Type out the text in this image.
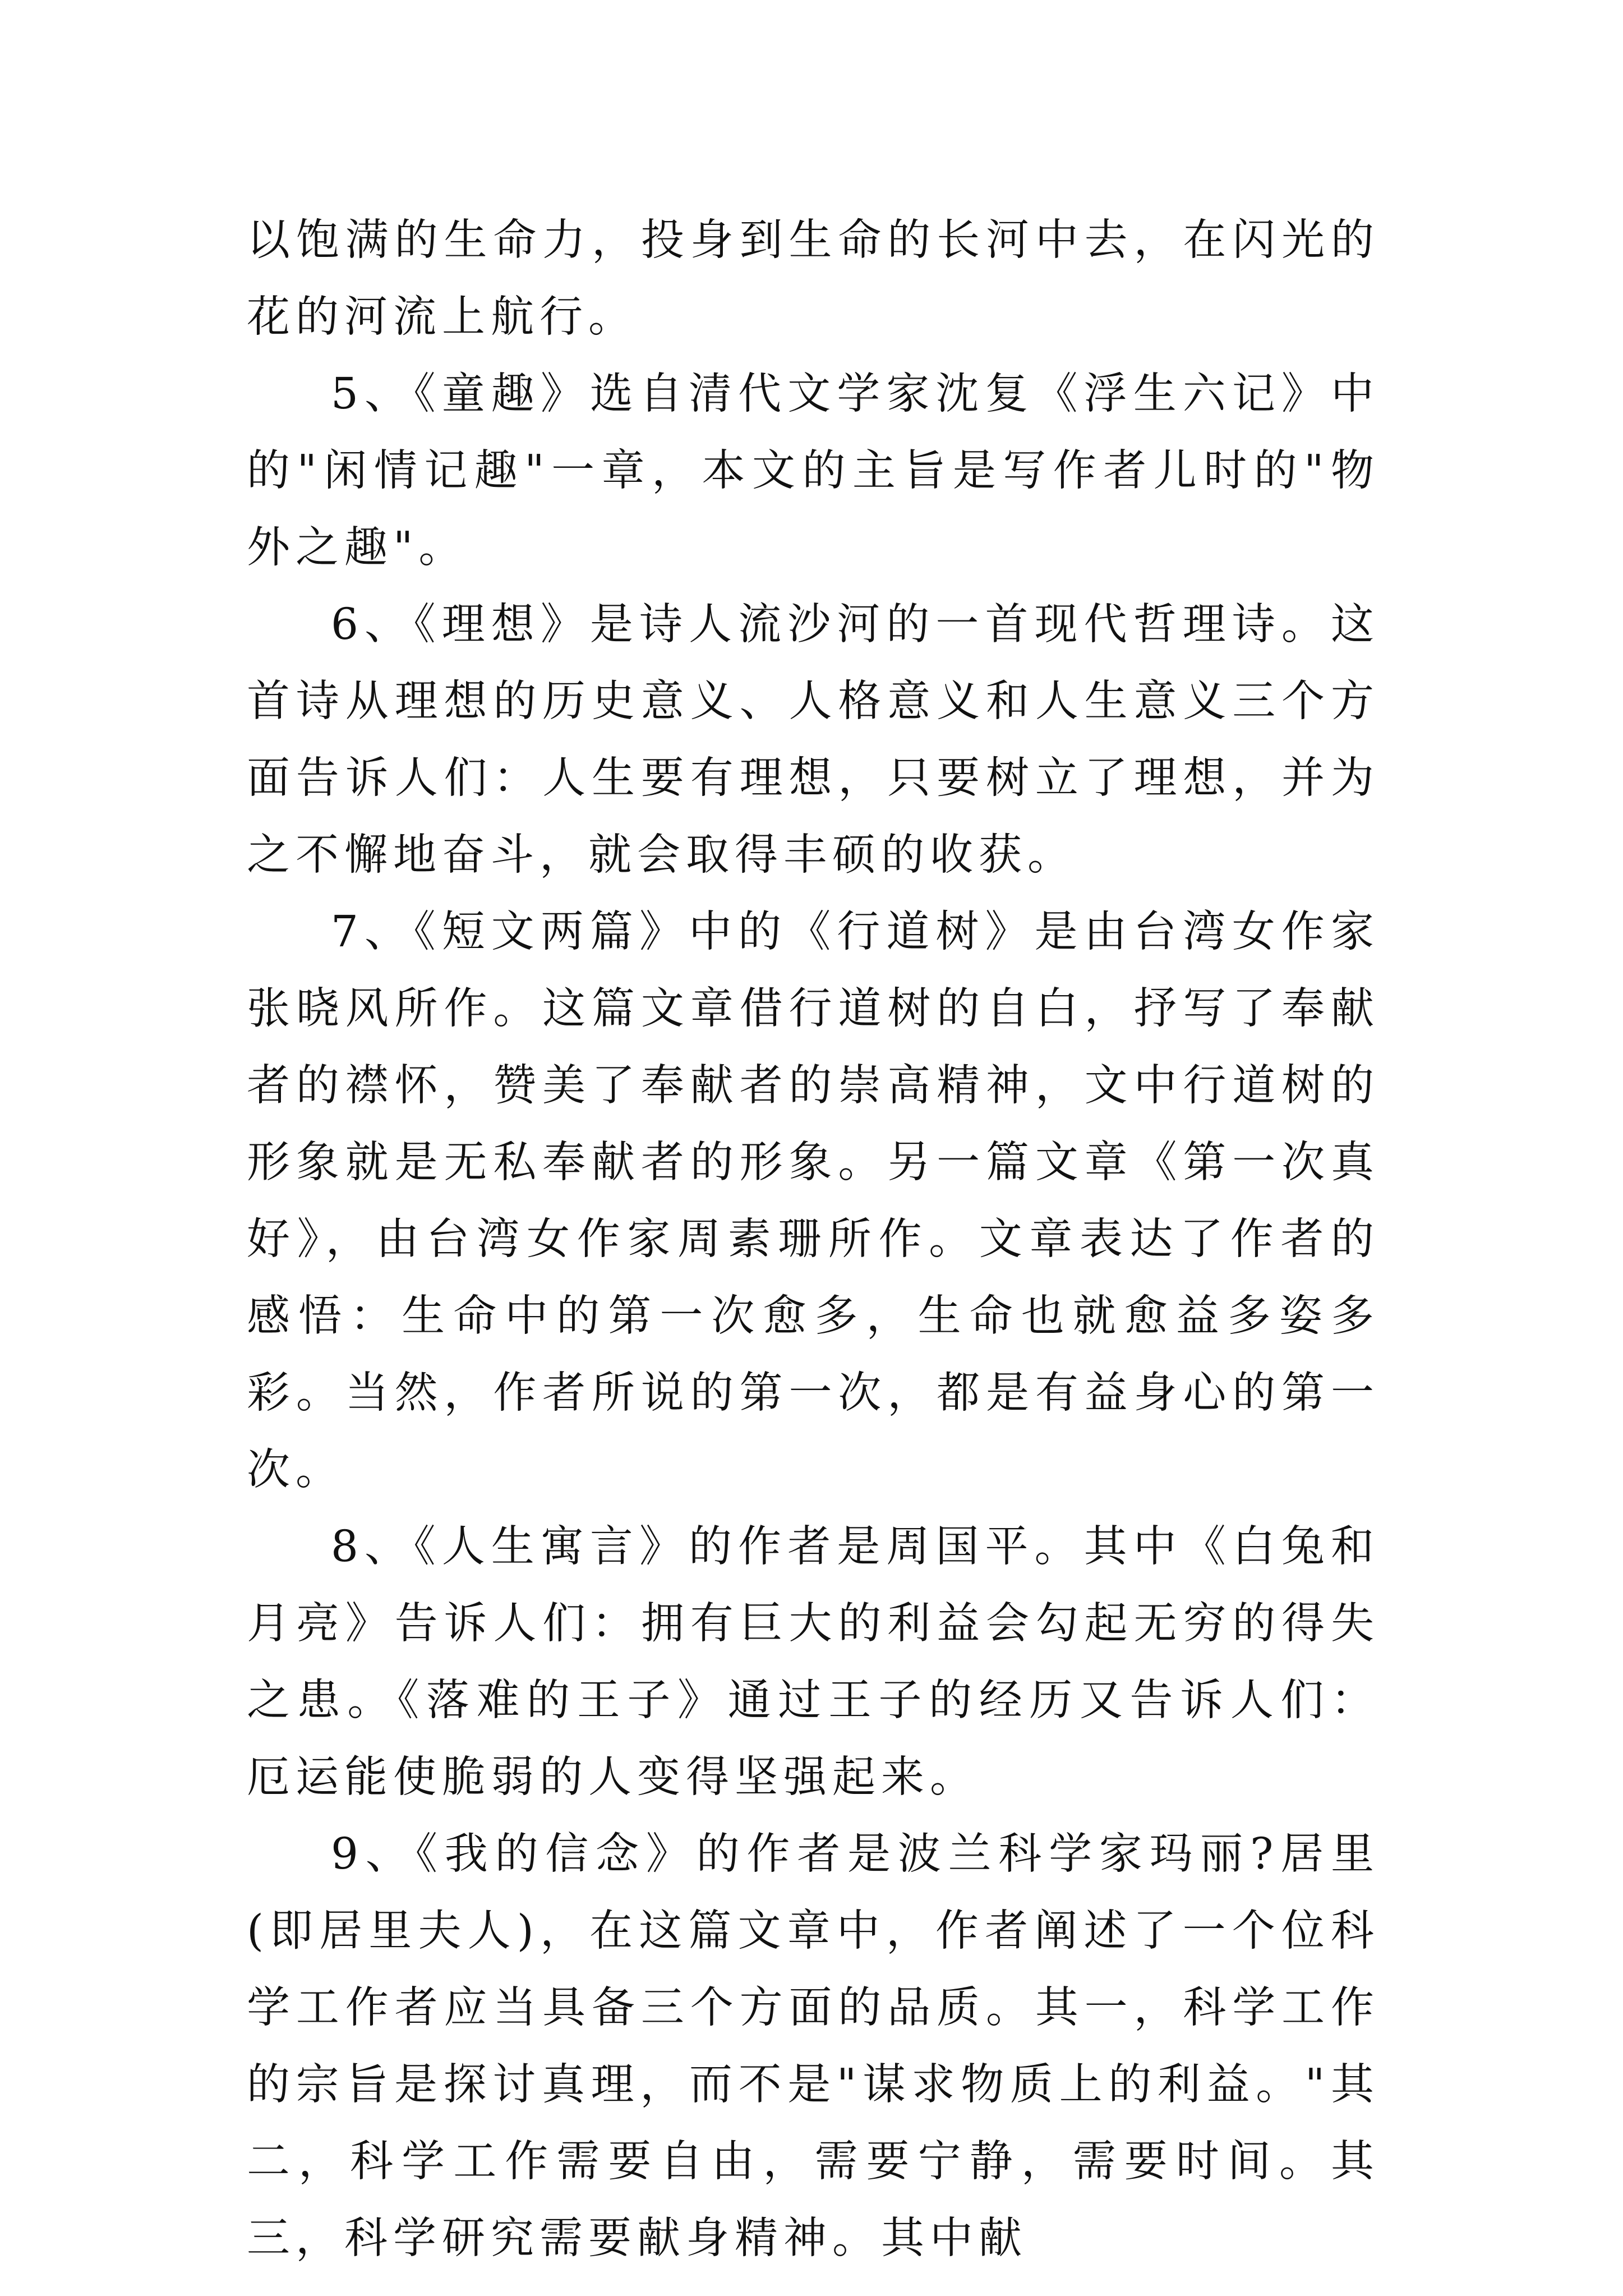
以饱满的生命力，投身到生命的长河中去，在闪光的花的河流上航行。

5、《童趣》选自清代文学家沈复《浮生六记》中的"闲情记趣"一章，本文的主旨是写作者儿时的"物外之趣"。

6、《理想》是诗人流沙河的一首现代哲理诗。这首诗从理想的历史意义、人格意义和人生意义三个方面告诉人们：人生要有理想，只要树立了理想，并为之不懈地奋斗，就会取得丰硕的收获。

7、《短文两篇》中的《行道树》是由台湾女作家张晓风所作。这篇文章借行道树的自白，抒写了奉献者的襟怀，赞美了奉献者的崇高精神，文中行道树的形象就是无私奉献者的形象。另一篇文章《第一次真好》，由台湾女作家周素珊所作。文章表达了作者的感悟：生命中的第一次愈多，生命也就愈益多姿多彩。当然，作者所说的第一次，都是有益身心的第一次。

8、《人生寓言》的作者是周国平。其中《白兔和月亮》告诉人们：拥有巨大的利益会勾起无穷的得失之患。《落难的王子》通过王子的经历又告诉人们：厄运能使脆弱的人变得坚强起来。

9、《我的信念》的作者是波兰科学家玛丽?居里(即居里夫人)，在这篇文章中，作者阐述了一个位科学工作者应当具备三个方面的品质。其一，科学工作的宗旨是探讨真理，而不是"谋求物质上的利益。"其二，科学工作需要自由，需要宁静，需要时间。其三，科学研究需要献身精神。其中献
